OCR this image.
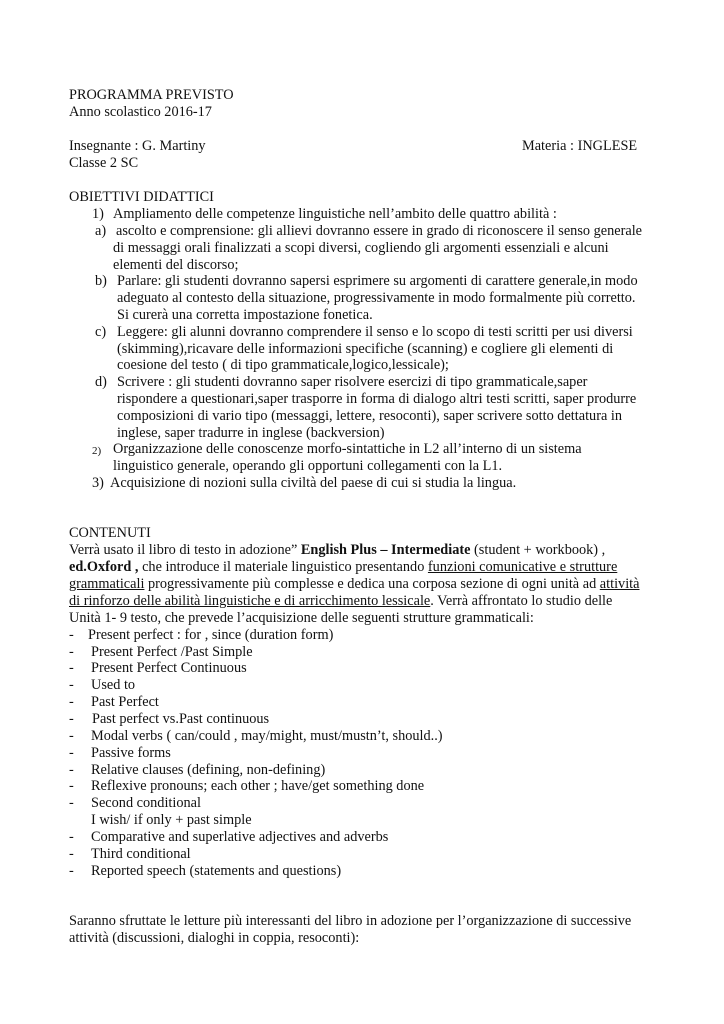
PROGRAMMA PREVISTO
Anno scolastico 2016-17
Insegnante : G. Martiny	Materia : INGLESE
Classe 2 SC
OBIETTIVI DIDATTICI
1) Ampliamento delle competenze linguistiche nell’ambito delle quattro abilità :
a) ascolto e comprensione: gli allievi dovranno essere in grado di riconoscere il senso generale
di messaggi orali finalizzati a scopi diversi, cogliendo gli argomenti essenziali e alcuni
elementi del discorso;
b) Parlare: gli studenti dovranno sapersi esprimere su argomenti di carattere generale,in modo
adeguato al contesto della situazione, progressivamente in modo formalmente più corretto.
Si curerà una corretta impostazione fonetica.
c) Leggere: gli alunni dovranno comprendere il senso e lo scopo di testi scritti per usi diversi
(skimming),ricavare delle informazioni specifiche (scanning) e cogliere gli elementi di
coesione del testo ( di tipo grammaticale,logico,lessicale);
d) Scrivere : gli studenti dovranno saper risolvere esercizi di tipo grammaticale,saper
rispondere a questionari,saper trasporre in forma di dialogo altri testi scritti, saper produrre
composizioni di vario tipo (messaggi, lettere, resoconti), saper scrivere sotto dettatura in
inglese, saper tradurre in inglese (backversion)
2) Organizzazione delle conoscenze morfo-sintattiche in L2 all’interno di un sistema
linguistico generale, operando gli opportuni collegamenti con la L1.
3) Acquisizione di nozioni sulla civiltà del paese di cui si studia la lingua.
CONTENUTI
Verrà usato il libro di testo in adozione” English Plus – Intermediate (student + workbook) ,
ed.Oxford , che introduce il materiale linguistico presentando funzioni comunicative e strutture
grammaticali progressivamente più complesse e dedica una corposa sezione di ogni unità ad attività
di rinforzo delle abilità linguistiche e di arricchimento lessicale. Verrà affrontato lo studio delle
Unità 1- 9 testo, che prevede l’acquisizione delle seguenti strutture grammaticali:
- Present perfect : for , since (duration form)
- Present Perfect /Past Simple
- Present Perfect Continuous
- Used to
- Past Perfect
- Past perfect vs.Past continuous
- Modal verbs ( can/could , may/might, must/mustn’t, should..)
- Passive forms
- Relative clauses (defining, non-defining)
- Reflexive pronouns; each other ; have/get something done
- Second conditional
I wish/ if only + past simple
- Comparative and superlative adjectives and adverbs
- Third conditional
- Reported speech (statements and questions)
Saranno sfruttate le letture più interessanti del libro in adozione per l’organizzazione di successive
attività (discussioni, dialoghi in coppia, resoconti):
